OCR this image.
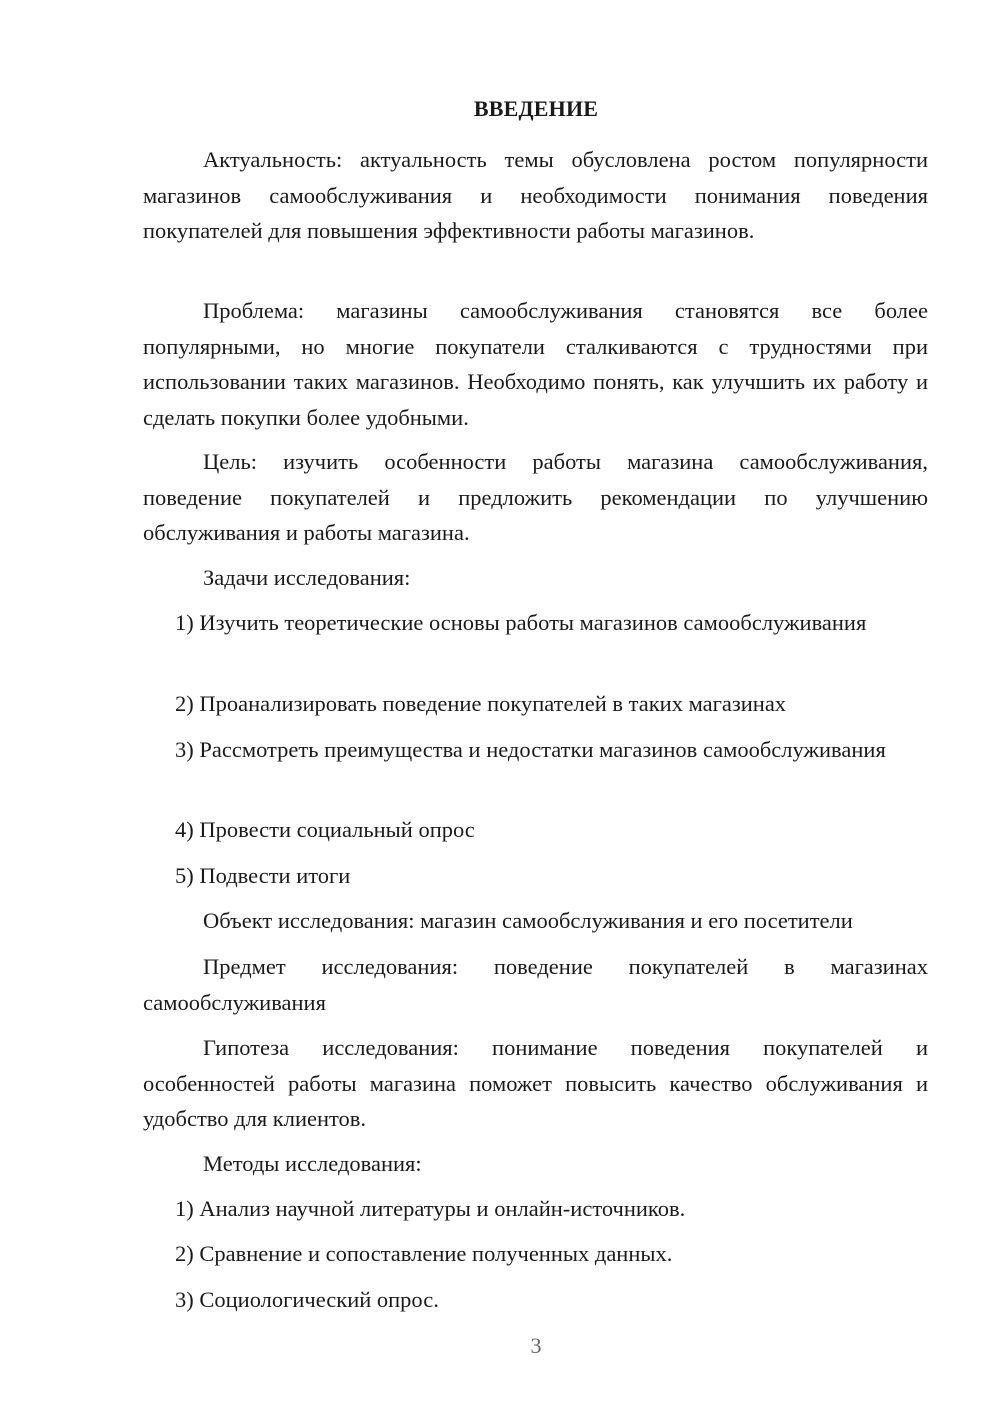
ВВЕДЕНИЕ

Актуальность: актуальность темы обусловлена ростом популярности магазинов самообслуживания и необходимости понимания поведения покупателей для повышения эффективности работы магазинов.

Проблема: магазины самообслуживания становятся все более популярными, но многие покупатели сталкиваются с трудностями при использовании таких магазинов. Необходимо понять, как улучшить их работу и сделать покупки более удобными.

Цель: изучить особенности работы магазина самообслуживания, поведение покупателей и предложить рекомендации по улучшению обслуживания и работы магазина.

Задачи исследования:

1) Изучить теоретические основы работы магазинов самообслуживания

2) Проанализировать поведение покупателей в таких магазинах

3) Рассмотреть преимущества и недостатки магазинов самообслуживания

4) Провести социальный опрос

5) Подвести итоги

Объект исследования: магазин самообслуживания и его посетители

Предмет исследования: поведение покупателей в магазинах самообслуживания

Гипотеза исследования: понимание поведения покупателей и особенностей работы магазина поможет повысить качество обслуживания и удобство для клиентов.

Методы исследования:

1) Анализ научной литературы и онлайн-источников.

2) Сравнение и сопоставление полученных данных.

3) Социологический опрос.

3
